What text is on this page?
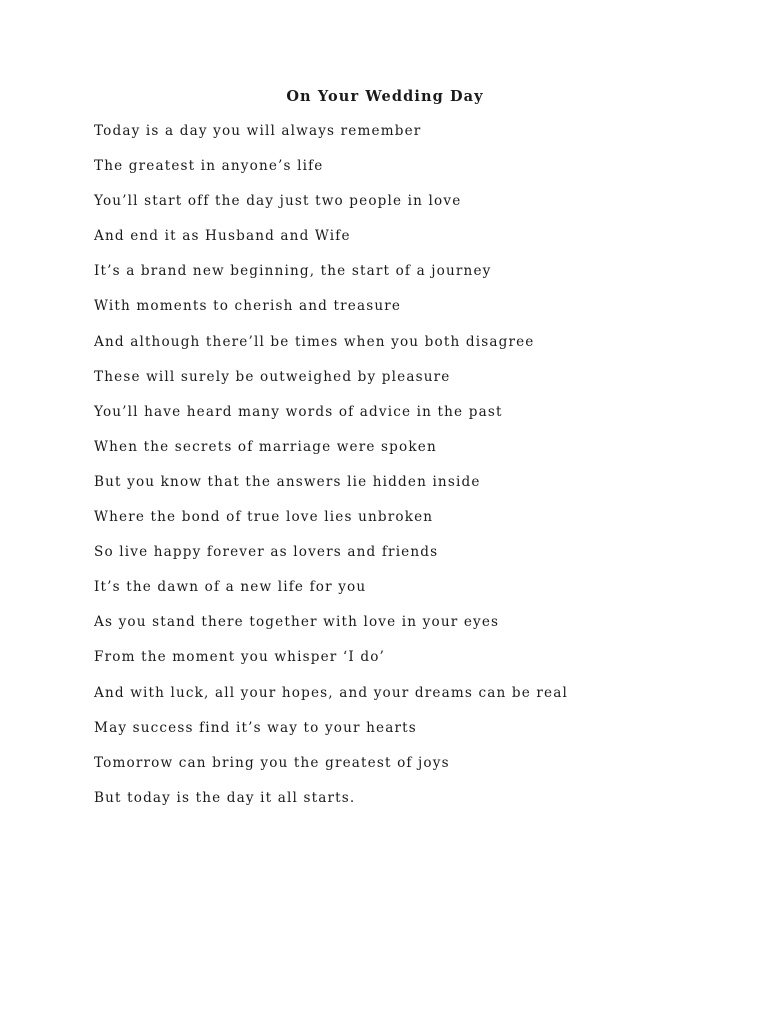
On Your Wedding Day
Today is a day you will always remember
The greatest in anyone’s life
You’ll start off the day just two people in love
And end it as Husband and Wife
It’s a brand new beginning, the start of a journey
With moments to cherish and treasure
And although there’ll be times when you both disagree
These will surely be outweighed by pleasure
You’ll have heard many words of advice in the past
When the secrets of marriage were spoken
But you know that the answers lie hidden inside
Where the bond of true love lies unbroken
So live happy forever as lovers and friends
It’s the dawn of a new life for you
As you stand there together with love in your eyes
From the moment you whisper ‘I do’
And with luck, all your hopes, and your dreams can be real
May success find it’s way to your hearts
Tomorrow can bring you the greatest of joys
But today is the day it all starts.
